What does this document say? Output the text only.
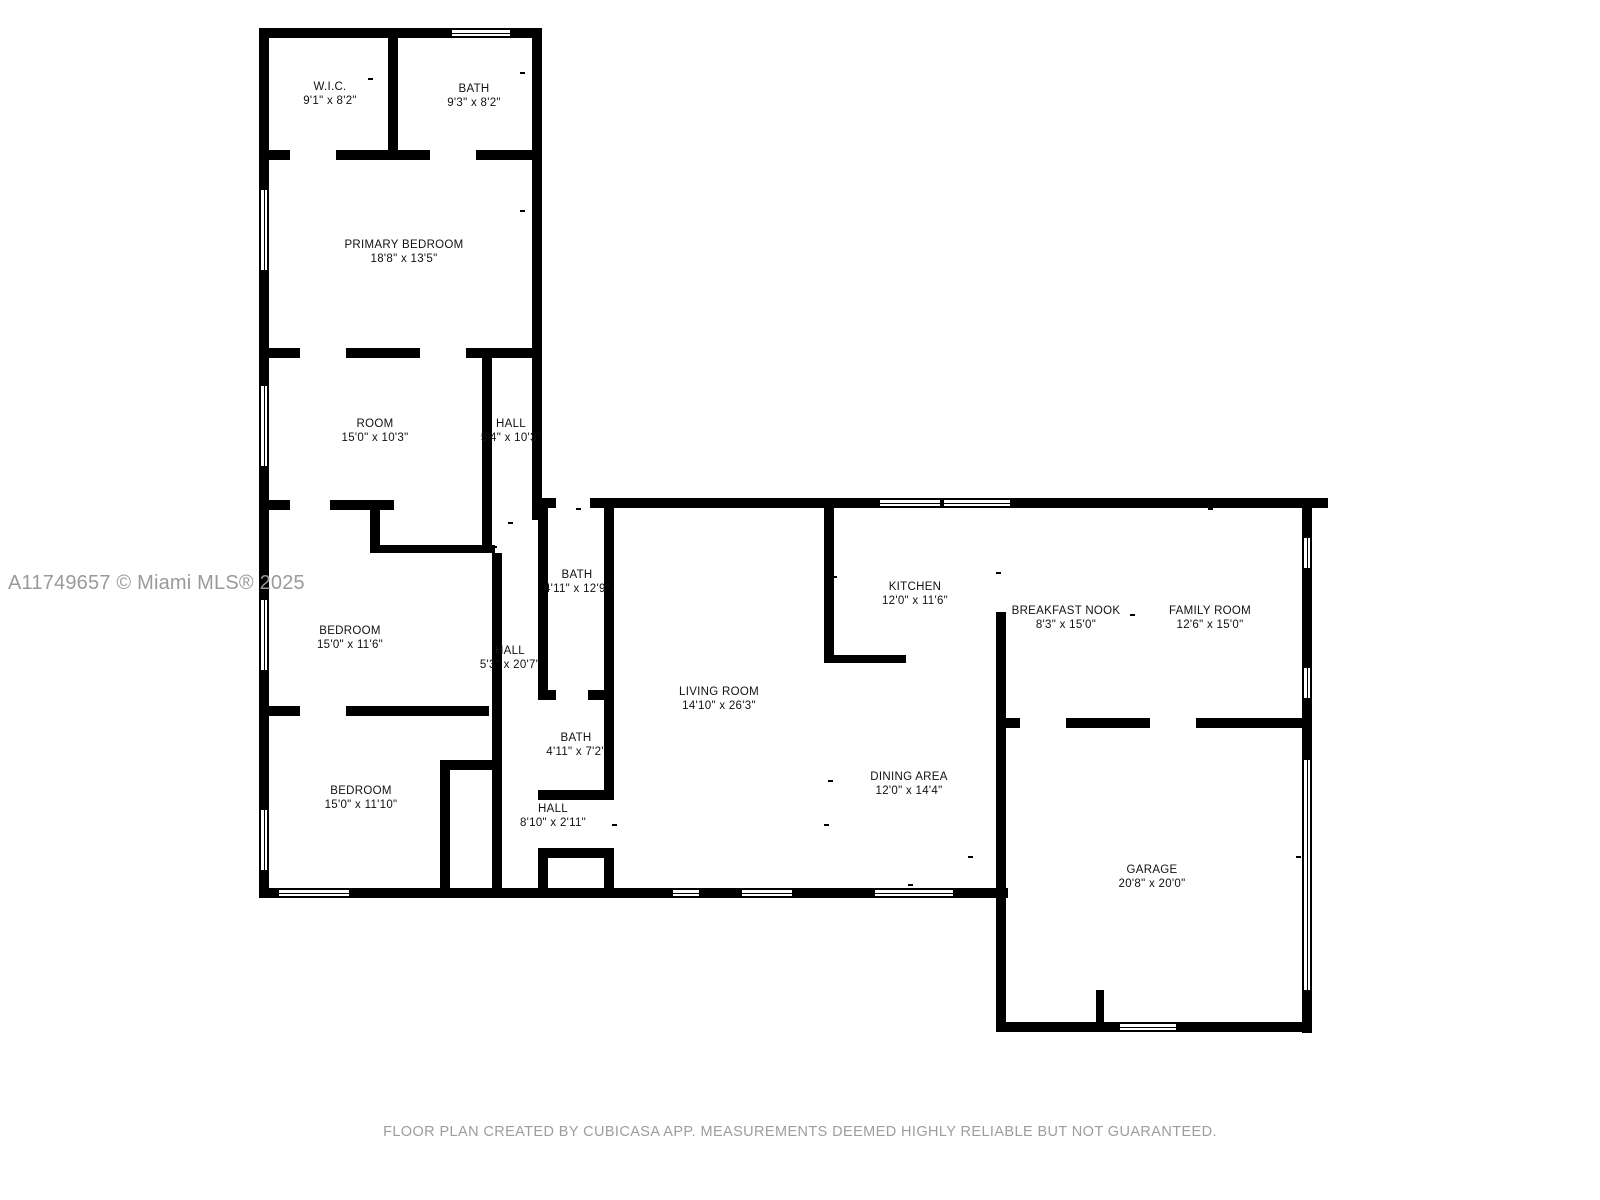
W.I.C.
9'1" x 8'2"
BATH
9'3" x 8'2"
PRIMARY BEDROOM
18'8" x 13'5"
ROOM
15'0" x 10'3"
HALL
5'4" x 10'3"
BEDROOM
15'0" x 11'6"	HALL
5'3" x 20'7"
BATH
4'11" x 12'9"
BATH
4'11" x 7'2"
BEDROOM
15'0" x 11'10"	HALL
8'10" x 2'11"
LIVING ROOM
14'10" x 26'3"
DINING AREA
12'0" x 14'4"
KITCHEN
12'0" x 11'6"
BREAKFAST NOOK
8'3" x 15'0"
FAMILY ROOM
12'6" x 15'0"
GARAGE
20'8" x 20'0"
A11749657 © Miami MLS® 2025
FLOOR PLAN CREATED BY CUBICASA APP. MEASUREMENTS DEEMED HIGHLY RELIABLE BUT NOT GUARANTEED.
